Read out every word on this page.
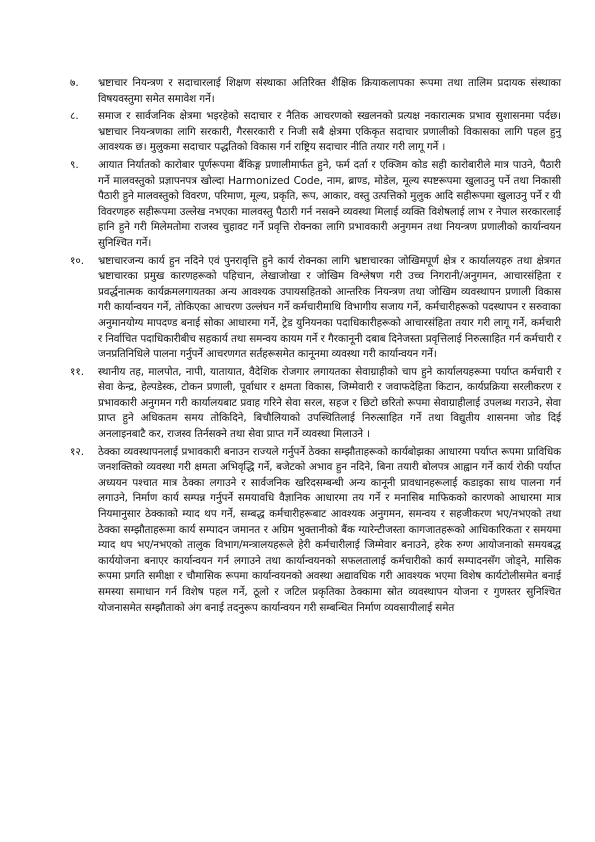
७.	भ्रष्टाचार नियन्त्रण र सदाचारलाई शिक्षण संस्थाका अतिरिक्त शैक्षिक क्रियाकलापका रूपमा तथा तालिम प्रदायक संस्थाका विषयवस्तुमा समेत समावेश गर्ने।
८.	समाज र सार्वजनिक क्षेत्रमा भइरहेको सदाचार र नैतिक आचरणको स्खलनको प्रत्यक्ष नकारात्मक प्रभाव सुशासनमा पर्दछ। भ्रष्टाचार नियन्त्रणका लागि सरकारी, गैरसरकारी र निजी सबै क्षेत्रमा एकिकृत सदाचार प्रणालीको विकासका लागि पहल हुनु आवश्यक छ। मुलुकमा सदाचार पद्धतिको विकास गर्न राष्ट्रिय सदाचार नीति तयार गरी लागू गर्ने ।
९.	आयात निर्यातको कारोबार पूर्णरूपमा बैंकिङ्ग प्रणालीमार्फत हुने, फर्म दर्ता र एक्जिम कोड सही कारोबारीले मात्र पाउने, पैठारी गर्ने मालवस्तुको प्रज्ञापनपत्र खोल्दा Harmonized Code, नाम, ब्राण्ड, मोडेल, मूल्य स्पष्टरूपमा खुलाउनु पर्ने तथा निकासी पैठारी हुने मालवस्तुको विवरण, परिमाण, मूल्य, प्रकृति, रूप, आकार, वस्तु उत्पत्तिको मुलुक आदि सहीरूपमा खुलाउनु पर्ने र यी विवरणहरु सहीरूपमा उल्लेख नभएका मालवस्तु पैठारी गर्न नसक्ने व्यवस्था मिलाई व्यक्ति विशेषलाई लाभ र नेपाल सरकारलाई हानि हुने गरी मिलेमतोमा राजस्व चुहावट गर्ने प्रवृत्ति रोक्नका लागि प्रभावकारी अनुगमन तथा नियन्त्रण प्रणालीको कार्यान्वयन सुनिश्चित गर्ने।
१०.	भ्रष्टाचारजन्य कार्य हुन नदिने एवं पुनरावृत्ति हुने कार्य रोक्नका लागि भ्रष्टाचारका जोखिमपूर्ण क्षेत्र र कार्यालयहरु तथा क्षेत्रगत भ्रष्टाचारका प्रमुख कारणहरूको पहिचान, लेखाजोखा र जोखिम विश्लेषण गरी उच्च निगरानी/अनुगमन, आचारसंहिता र प्रवर्द्धनात्मक कार्यक्रमलगायतका अन्य आवश्यक उपायसहितको आन्तरिक नियन्त्रण तथा जोखिम व्यवस्थापन प्रणाली विकास गरी कार्यान्वयन गर्ने, तोकिएका आचरण उल्लंघन गर्ने कर्मचारीमाथि विभागीय सजाय गर्ने, कर्मचारीहरूको पदस्थापन र सरुवाका अनुमानयोग्य मापदण्ड बनाई सोका आधारमा गर्ने, ट्रेड युनियनका पदाधिकारीहरूको आचारसंहिता तयार गरी लागू गर्ने, कर्मचारी र निर्वाचित पदाधिकारीबीच सहकार्य तथा समन्वय कायम गर्ने र गैरकानूनी दबाब दिनेजस्ता प्रवृत्तिलाई निरुत्साहित गर्न कर्मचारी र जनप्रतिनिधिले पालना गर्नुपर्ने आचरणगत सर्तहरूसमेत कानूनमा व्यवस्था गरी कार्यान्वयन गर्ने।
११.	स्थानीय तह, मालपोत, नापी, यातायात, वैदेशिक रोजगार लगायतका सेवाग्राहीको चाप हुने कार्यालयहरूमा पर्याप्त कर्मचारी र सेवा केन्द्र, हेल्पडेस्क, टोकन प्रणाली, पूर्वाधार र क्षमता विकास, जिम्मेवारी र जवाफदेहिता किटान, कार्यप्रक्रिया सरलीकरण र प्रभावकारी अनुगमन गरी कार्यालयबाट प्रवाह गरिने सेवा सरल, सहज र छिटो छरितो रूपमा सेवाग्राहीलाई उपलब्ध गराउने, सेवा प्राप्त हुने अधिकतम समय तोकिदिने, बिचौलियाको उपस्थितिलाई निरुत्साहित गर्ने तथा विद्युतीय शासनमा जोड दिई अनलाइनबाटै कर, राजस्व तिर्नसक्ने तथा सेवा प्राप्त गर्ने व्यवस्था मिलाउने ।
१२.	ठेक्का व्यवस्थापनलाई प्रभावकारी बनाउन राज्यले गर्नुपर्ने ठेक्का सम्झौताहरूको कार्यबोझका आधारमा पर्याप्त रूपमा प्राविधिक जनशक्तिको व्यवस्था गरी क्षमता अभिवृद्धि गर्ने, बजेटको अभाव हुन नदिने, बिना तयारी बोलपत्र आह्वान गर्ने कार्य रोकी पर्याप्त अध्ययन पश्चात मात्र ठेक्का लगाउने र सार्वजनिक खरिदसम्बन्धी अन्य कानूनी प्रावधानहरूलाई कडाइका साथ पालना गर्न लगाउने, निर्माण कार्य सम्पन्न गर्नुपर्ने समयावधि वैज्ञानिक आधारमा तय गर्ने र मनासिब माफिकको कारणको आधारमा मात्र नियमानुसार ठेक्काको म्याद थप गर्ने, सम्बद्ध कर्मचारीहरूबाट आवश्यक अनुगमन, समन्वय र सहजीकरण भए/नभएको तथा ठेक्का सम्झौताहरूमा कार्य सम्पादन जमानत र अग्रिम भुक्तानीको बैंक ग्यारेन्टीजस्ता कागजातहरूको आधिकारिकता र समयमा म्याद थप भए/नभएको तालुक विभाग/मन्त्रालयहरूले हेरी कर्मचारीलाई जिम्मेवार बनाउने, हरेक रुग्ण आयोजनाको समयबद्ध कार्ययोजना बनाएर कार्यान्वयन गर्न लगाउने तथा कार्यान्वयनको सफलतालाई कर्मचारीको कार्य सम्पादनसँग जोड्ने, मासिक रूपमा प्रगति समीक्षा र चौमासिक रूपमा कार्यान्वयनको अवस्था अद्यावधिक गरी आवश्यक भएमा विशेष कार्यटोलीसमेत बनाई समस्या समाधान गर्न विशेष पहल गर्ने, ठूलो र जटिल प्रकृतिका ठेक्कामा स्रोत व्यवस्थापन योजना र गुणस्तर सुनिश्चित योजनासमेत सम्झौताको अंग बनाई तदनुरूप कार्यान्वयन गरी सम्बन्धित निर्माण व्यवसायीलाई समेत
